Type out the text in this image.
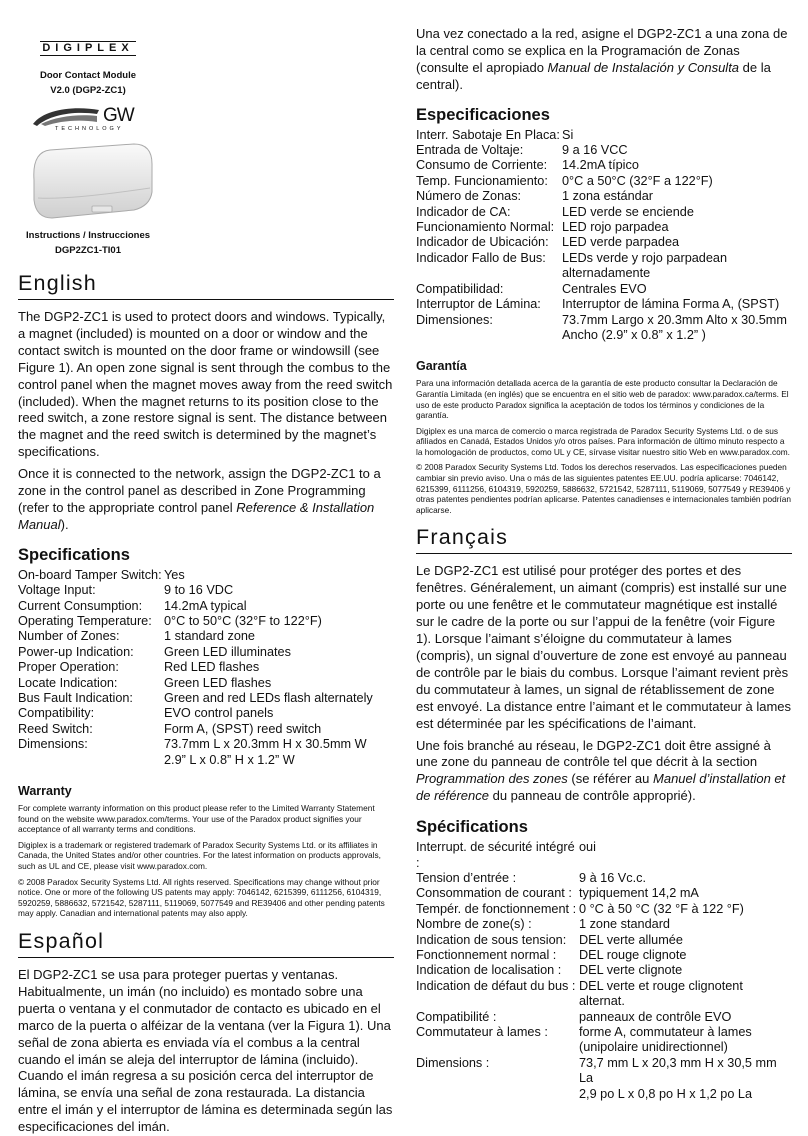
DIGIPLEX
Door Contact Module
V2.0 (DGP2-ZC1)
GW
TECHNOLOGY
Instructions / Instrucciones
DGP2ZC1-TI01
English

The DGP2-ZC1 is used to protect doors and windows. Typically, a magnet (included) is mounted on a door or window and the contact switch is mounted on the door frame or windowsill (see Figure 1). An open zone signal is sent through the combus to the control panel when the magnet moves away from the reed switch (included). When the magnet returns to its position close to the reed switch, a zone restore signal is sent. The distance between the magnet and the reed switch is determined by the magnet’s specifications.

Once it is connected to the network, assign the DGP2-ZC1 to a zone in the control panel as described in Zone Programming (refer to the appropriate control panel Reference & Installation Manual).

Specifications
On-board Tamper Switch:	Yes
Voltage Input:	9 to 16 VDC
Current Consumption:	14.2mA typical
Operating Temperature:	0°C to 50°C (32°F to 122°F)
Number of Zones:	1 standard zone
Power-up Indication:	Green LED illuminates
Proper Operation:	Red LED flashes
Locate Indication:	Green LED flashes
Bus Fault Indication:	Green and red LEDs flash alternately
Compatibility:	EVO control panels
Reed Switch:	Form A, (SPST) reed switch
Dimensions:	73.7mm L x 20.3mm H x 30.5mm W
	2.9” L x 0.8” H x 1.2” W
Warranty

For complete warranty information on this product please refer to the Limited Warranty Statement found on the website www.paradox.com/terms. Your use of the Paradox product signifies your acceptance of all warranty terms and conditions.

Digiplex is a trademark or registered trademark of Paradox Security Systems Ltd. or its affiliates in Canada, the United States and/or other countries. For the latest information on products approvals, such as UL and CE, please visit www.paradox.com.

© 2008 Paradox Security Systems Ltd. All rights reserved. Specifications may change without prior notice. One or more of the following US patents may apply: 7046142, 6215399, 6111256, 6104319, 5920259, 5886632, 5721542, 5287111, 5119069, 5077549 and RE39406 and other pending patents may apply. Canadian and international patents may also apply.

Español

El DGP2-ZC1 se usa para proteger puertas y ventanas. Habitualmente, un imán (no incluido) es montado sobre una puerta o ventana y el conmutador de contacto es ubicado en el marco de la puerta o alféizar de la ventana (ver la Figura 1). Una señal de zona abierta es enviada vía el combus a la central cuando el imán se aleja del interruptor de lámina (incluido). Cuando el imán regresa a su posición cerca del interruptor de lámina, se envía una señal de zona restaurada. La distancia entre el imán y el interruptor de lámina es determinada según las especificaciones del imán.

Una vez conectado a la red, asigne el DGP2-ZC1 a una zona de la central como se explica en la Programación de Zonas (consulte el apropiado Manual de Instalación y Consulta de la central).

Especificaciones
Interr. Sabotaje En Placa:	Si
Entrada de Voltaje:	9 a 16 VCC
Consumo de Corriente:	14.2mA típico
Temp. Funcionamiento:	0°C a 50°C (32°F a 122°F)
Número de Zonas:	1 zona estándar
Indicador de CA:	LED verde se enciende
Funcionamiento Normal:	LED rojo parpadea
Indicador de Ubicación:	LED verde parpadea
Indicador Fallo de Bus:	LEDs verde y rojo parpadean
	alternadamente
Compatibilidad:	Centrales EVO
Interruptor de Lámina:	Interruptor de lámina Forma A, (SPST)
Dimensiones:	73.7mm Largo x 20.3mm Alto x 30.5mm
	Ancho (2.9” x 0.8” x 1.2” )
Garantía

Para una información detallada acerca de la garantía de este producto consultar la Declaración de Garantía Limitada (en inglés) que se encuentra en el sitio web de paradox: www.paradox.ca/terms. El uso de este producto Paradox significa la aceptación de todos los términos y condiciones de la garantía.

Digiplex es una marca de comercio o marca registrada de Paradox Security Systems Ltd. o de sus afiliados en Canadá, Estados Unidos y/o otros países. Para información de último minuto respecto a la homologación de productos, como UL y CE, sírvase visitar nuestro sitio Web en www.paradox.com.

© 2008 Paradox Security Systems Ltd. Todos los derechos reservados. Las especificaciones pueden cambiar sin previo aviso. Una o más de las siguientes patentes EE.UU. podría aplicarse: 7046142, 6215399, 6111256, 6104319, 5920259, 5886632, 5721542, 5287111, 5119069, 5077549 y RE39406 y otras patentes pendientes podrían aplicarse. Patentes canadienses e internacionales también podrían aplicarse.

Français

Le DGP2-ZC1 est utilisé pour protéger des portes et des fenêtres. Généralement, un aimant (compris) est installé sur une porte ou une fenêtre et le commutateur magnétique est installé sur le cadre de la porte ou sur l’appui de la fenêtre (voir Figure 1). Lorsque l’aimant s’éloigne du commutateur à lames (compris), un signal d’ouverture de zone est envoyé au panneau de contrôle par le biais du combus. Lorsque l’aimant revient près du commutateur à lames, un signal de rétablissement de zone est envoyé. La distance entre l’aimant et le commutateur à lames est déterminée par les spécifications de l’aimant.

Une fois branché au réseau, le DGP2-ZC1 doit être assigné à une zone du panneau de contrôle tel que décrit à la section Programmation des zones (se référer au Manuel d’installation et de référence du panneau de contrôle approprié).

Spécifications
Interrupt. de sécurité intégré :	oui
Tension d’entrée :	9 à 16 Vc.c.
Consommation de courant :	typiquement 14,2 mA
Tempér. de fonctionnement :	0 °C à 50 °C (32 °F à 122 °F)
Nombre de zone(s) :	1 zone standard
Indication de sous tension:	DEL verte allumée
Fonctionnement normal :	DEL rouge clignote
Indication de localisation :	DEL verte clignote
Indication de défaut du bus :	DEL verte et rouge clignotent alternat.
Compatibilité :	panneaux de contrôle EVO
Commutateur à lames :	forme A, commutateur à lames
	(unipolaire unidirectionnel)
Dimensions :	73,7 mm L x 20,3 mm H x 30,5 mm La
	2,9 po L x 0,8 po H x 1,2 po La
